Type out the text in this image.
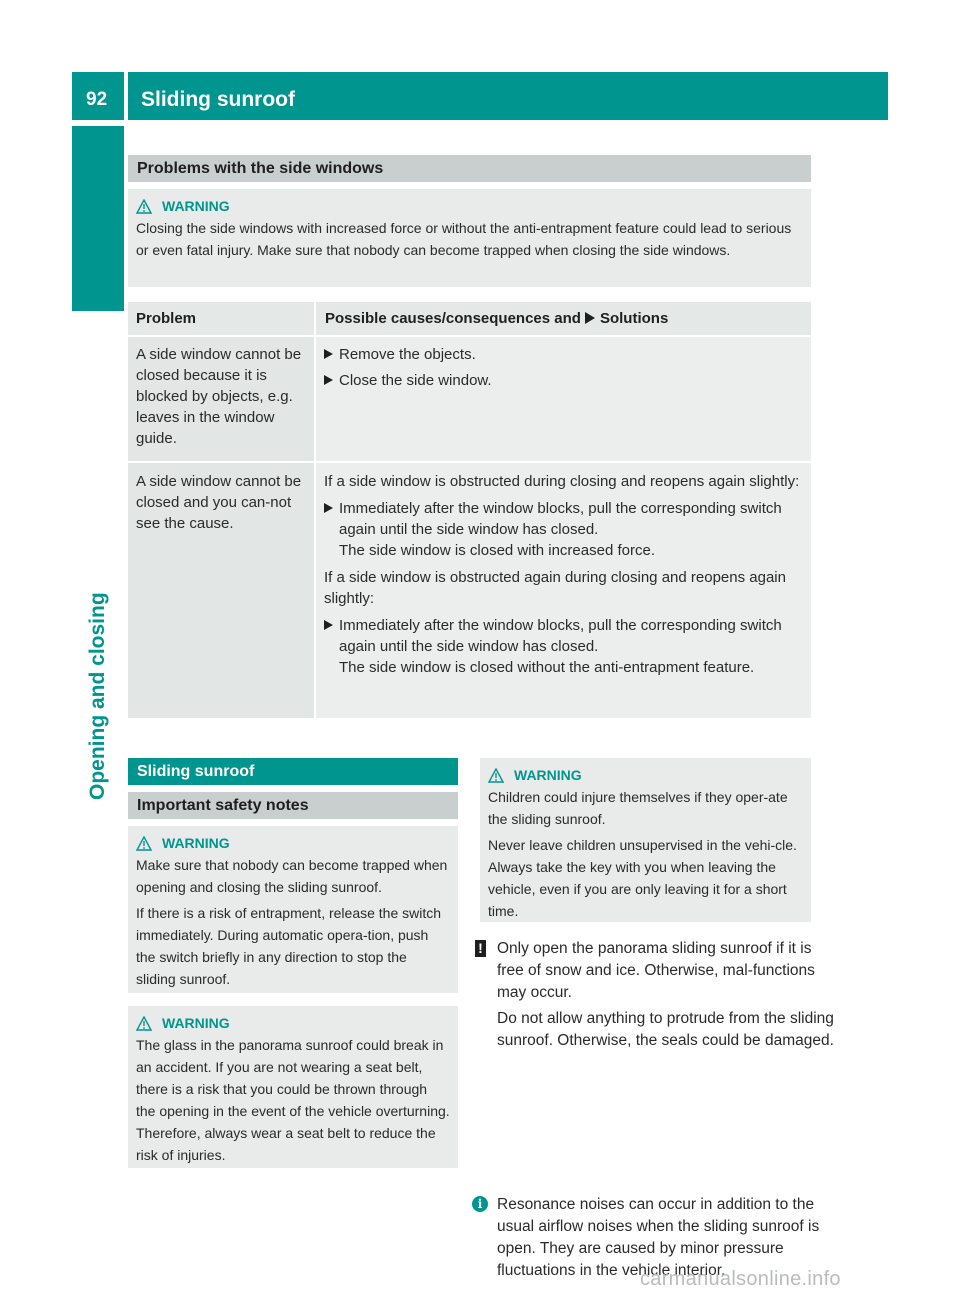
92	Sliding sunroof
Opening and closing
Problems with the side windows
WARNING

Closing the side windows with increased force or without the anti-entrapment feature could lead to serious or even fatal injury. Make sure that nobody can become trapped when closing the side windows.

Problem	Possible causes/consequences and Solutions
A side window cannot be closed because it is blocked by objects, e.g. leaves in the window guide.
Remove the objects.
Close the side window.
A side window cannot be closed and you can-not see the cause.
If a side window is obstructed during closing and reopens again slightly:
Immediately after the window blocks, pull the corresponding switch again until the side window has closed.
The side window is closed with increased force.
If a side window is obstructed again during closing and reopens again slightly:
Immediately after the window blocks, pull the corresponding switch again until the side window has closed.
The side window is closed without the anti-entrapment feature.
Sliding sunroof
Important safety notes
WARNING

Make sure that nobody can become trapped when opening and closing the sliding sunroof.

If there is a risk of entrapment, release the switch immediately. During automatic opera-tion, push the switch briefly in any direction to stop the sliding sunroof.

WARNING

The glass in the panorama sunroof could break in an accident. If you are not wearing a seat belt, there is a risk that you could be thrown through the opening in the event of the vehicle overturning. Therefore, always wear a seat belt to reduce the risk of injuries.

WARNING

Children could injure themselves if they oper-ate the sliding sunroof.

Never leave children unsupervised in the vehi-cle. Always take the key with you when leaving the vehicle, even if you are only leaving it for a short time.

! Only open the panorama sliding sunroof if it is free of snow and ice. Otherwise, mal-functions may occur.

Do not allow anything to protrude from the sliding sunroof. Otherwise, the seals could be damaged.

i Resonance noises can occur in addition to the usual airflow noises when the sliding sunroof is open. They are caused by minor pressure fluctuations in the vehicle interior.

carmanualsonline.info
